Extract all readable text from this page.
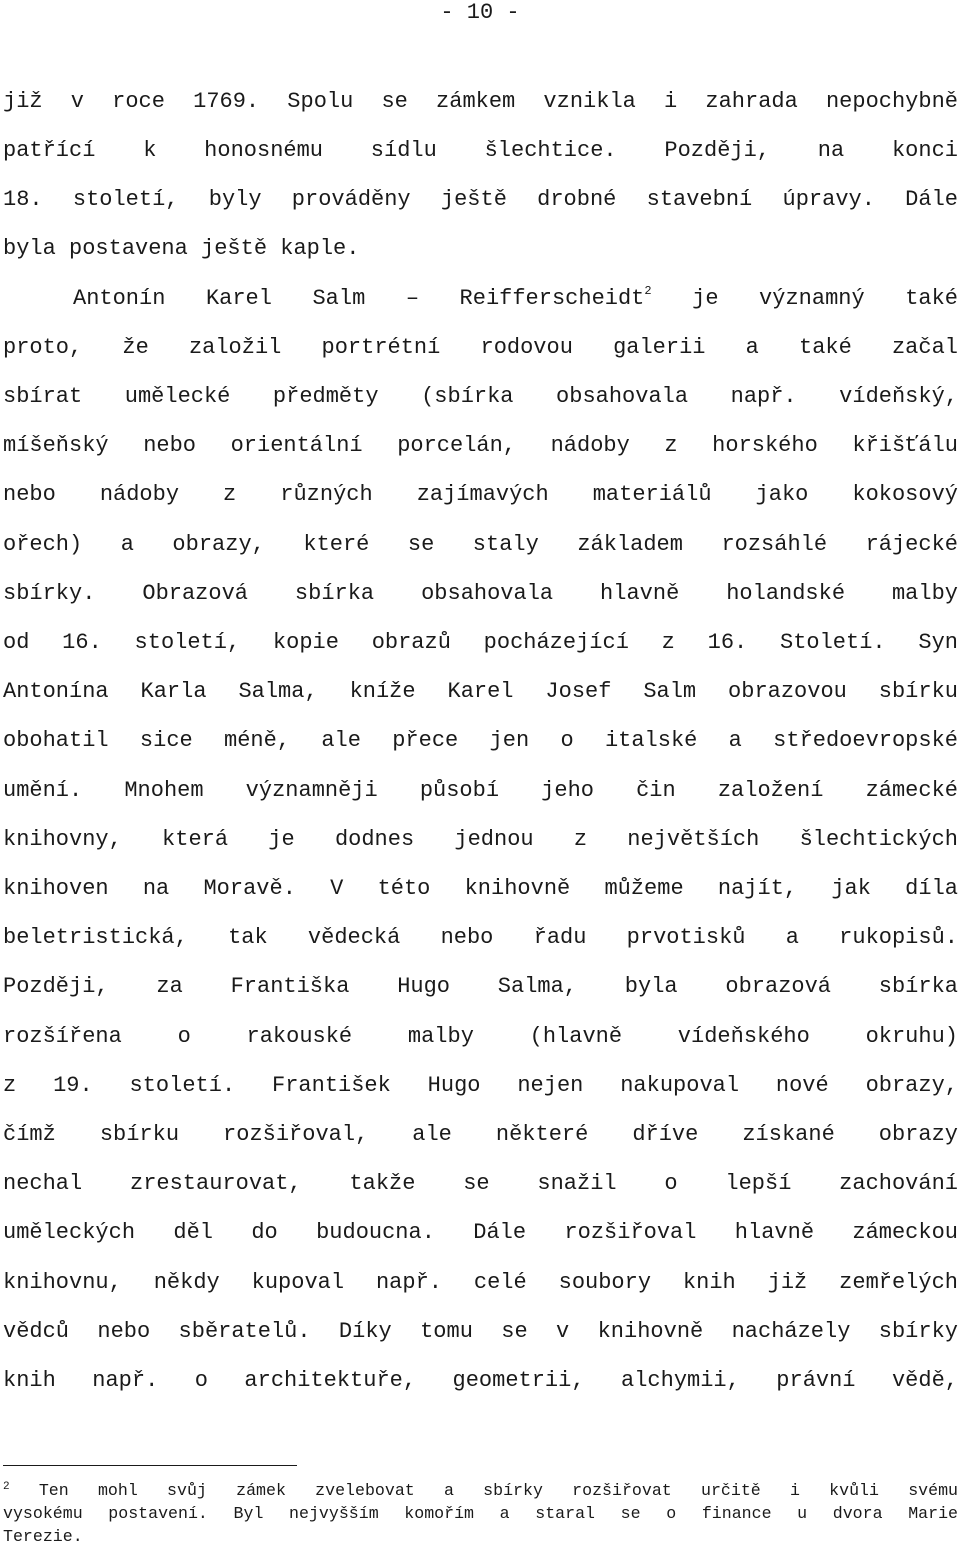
- 10 -
již v roce 1769. Spolu se zámkem vznikla i zahrada nepochybně
patřící k honosnému sídlu šlechtice. Později, na konci
18. století, byly prováděny ještě drobné stavební úpravy. Dále
byla postavena ještě kaple.
Antonín Karel Salm – Reifferscheidt$^2$ je významný také
proto, že založil portrétní rodovou galerii a také začal
sbírat umělecké předměty (sbírka obsahovala např. vídeňský,
míšeňský nebo orientální porcelán, nádoby z horského křišťálu
nebo nádoby z různých zajímavých materiálů jako kokosový
ořech) a obrazy, které se staly základem rozsáhlé rájecké
sbírky. Obrazová sbírka obsahovala hlavně holandské malby
od 16. století, kopie obrazů pocházející z 16. Století. Syn
Antonína Karla Salma, kníže Karel Josef Salm obrazovou sbírku
obohatil sice méně, ale přece jen o italské a středoevropské
umění. Mnohem významněji působí jeho čin založení zámecké
knihovny, která je dodnes jednou z největších šlechtických
knihoven na Moravě. V této knihovně můžeme najít, jak díla
beletristická, tak vědecká nebo řadu prvotisků a rukopisů.
Později, za Františka Hugo Salma, byla obrazová sbírka
rozšířena o rakouské malby (hlavně vídeňského okruhu)
z 19. století. František Hugo nejen nakupoval nové obrazy,
čímž sbírku rozšiřoval, ale některé dříve získané obrazy
nechal zrestaurovat, takže se snažil o lepší zachování
uměleckých děl do budoucna. Dále rozšiřoval hlavně zámeckou
knihovnu, někdy kupoval např. celé soubory knih již zemřelých
vědců nebo sběratelů. Díky tomu se v knihovně nacházely sbírky
knih např. o architektuře, geometrii, alchymii, právní vědě,
$^2$ Ten mohl svůj zámek zvelebovat a sbírky rozšiřovat určitě i kvůli svému
vysokému postavení. Byl nejvyšším komořím a staral se o finance u dvora Marie
Terezie.
